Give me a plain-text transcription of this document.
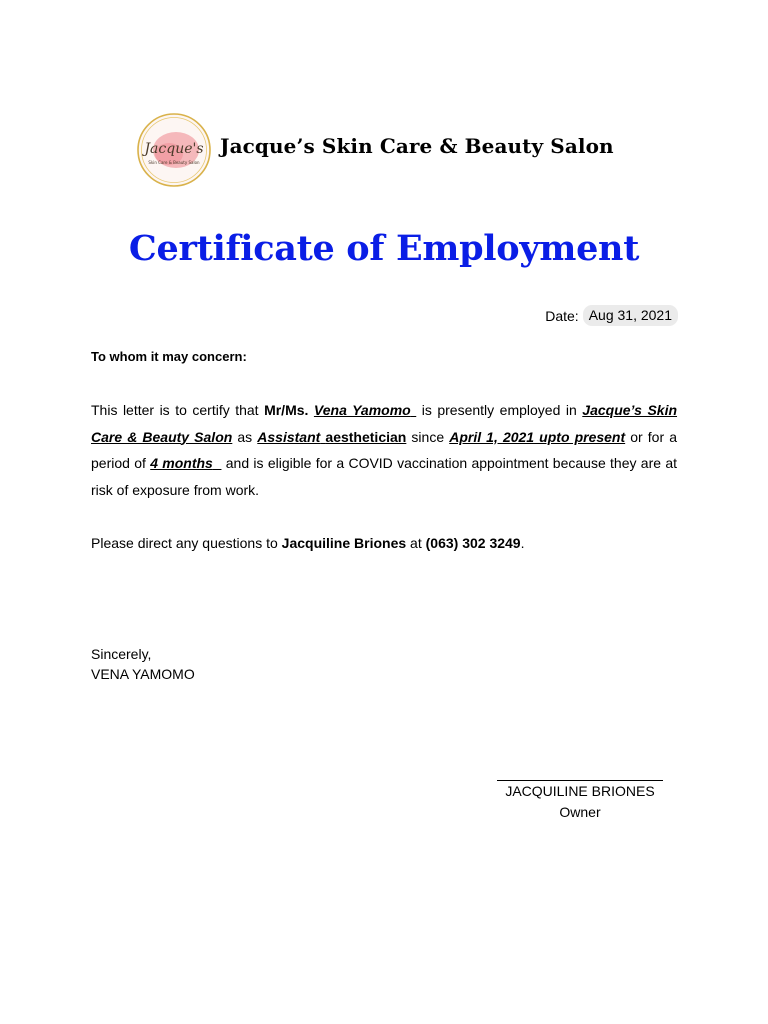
Jacque's
Skin Care & Beauty Salon
Jacque’s Skin Care & Beauty Salon
Certificate of Employment
Date: Aug 31, 2021
To whom it may concern:
This letter is to certify that Mr/Ms. Vena Yamomo is presently employed in Jacque’s Skin Care & Beauty Salon as Assistant aesthetician since April 1, 2021 upto present or for a period of 4 months and is eligible for a COVID vaccination appointment because they are at risk of exposure from work.
Please direct any questions to Jacquiline Briones at (063) 302 3249.
Sincerely,
VENA YAMOMO
JACQUILINE BRIONES
Owner
